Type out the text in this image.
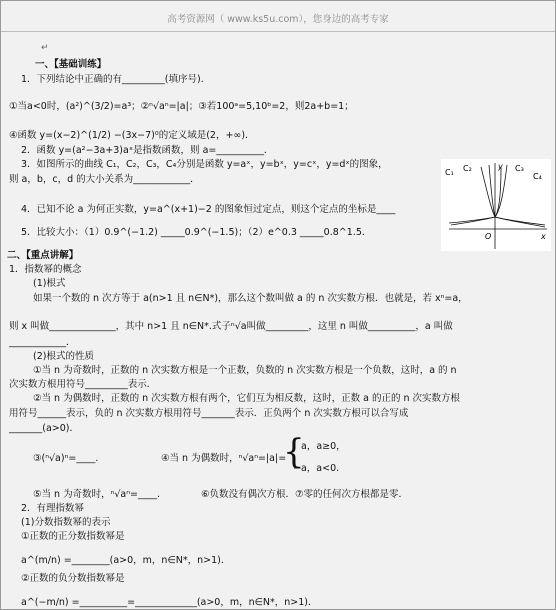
高考资源网（ www.ks5u.com），您身边的高考专家
↵
一、【基础训练】
1．下列结论中正确的有_________(填序号)．
①当a<0时，(a²)^(3/2)=a³；②ⁿ√aⁿ=|a|；③若100ᵃ=5,10ᵇ=2，则2a+b=1；
④函数 y=(x−2)^(1/2) −(3x−7)⁰的定义域是(2，+∞)．
2．函数 y=(a²−3a+3)aˣ是指数函数，则 a=__________．
3．如图所示的曲线 C₁，C₂，C₃，C₄分别是函数 y=aˣ，y=bˣ，y=cˣ，y=dˣ的图象，
则 a，b，c，d 的大小关系为____________．
4．已知不论 a 为何正实数，y=a^(x+1)−2 的图象恒过定点，则这个定点的坐标是____
5．比较大小：（1）0.9^(−1.2) _____0.9^(−1.5)；（2）e^0.3 _____0.8^1.5．
C₁ C₂	C₃
C₄
y
x
O
二、【重点讲解】
1．指数幂的概念
(1)根式
如果一个数的 n 次方等于 a(n>1 且 n∈N*)，那么这个数叫做 a 的 n 次实数方根．也就是，若 xⁿ=a，
则 x 叫做______________，其中 n>1 且 n∈N*.式子ⁿ√a叫做_________，这里 n 叫做__________，a 叫做
____________．
(2)根式的性质
①当 n 为奇数时，正数的 n 次实数方根是一个正数，负数的 n 次实数方根是一个负数，这时，a 的 n
次实数方根用符号_________表示．
②当 n 为偶数时，正数的 n 次实数方根有两个，它们互为相反数，这时，正数 a 的正的 n 次实数方根
用符号______表示，负的 n 次实数方根用符号_______表示．正负两个 n 次实数方根可以合写成
_______(a>0)．
③(ⁿ√a)ⁿ=____.	④当 n 为偶数时，ⁿ√aⁿ=|a|=
{
a，a≥0，
−a，a<0.
⑤当 n 为奇数时，ⁿ√aⁿ=____.	⑥负数没有偶次方根．⑦零的任何次方根都是零．
2．有理指数幂
(1)分数指数幂的表示
①正数的正分数指数幂是
a^(m/n) =________(a>0，m，n∈N*，n>1)．
②正数的负分数指数幂是
a^(−m/n) =__________=_____________(a>0，m，n∈N*，n>1)．
